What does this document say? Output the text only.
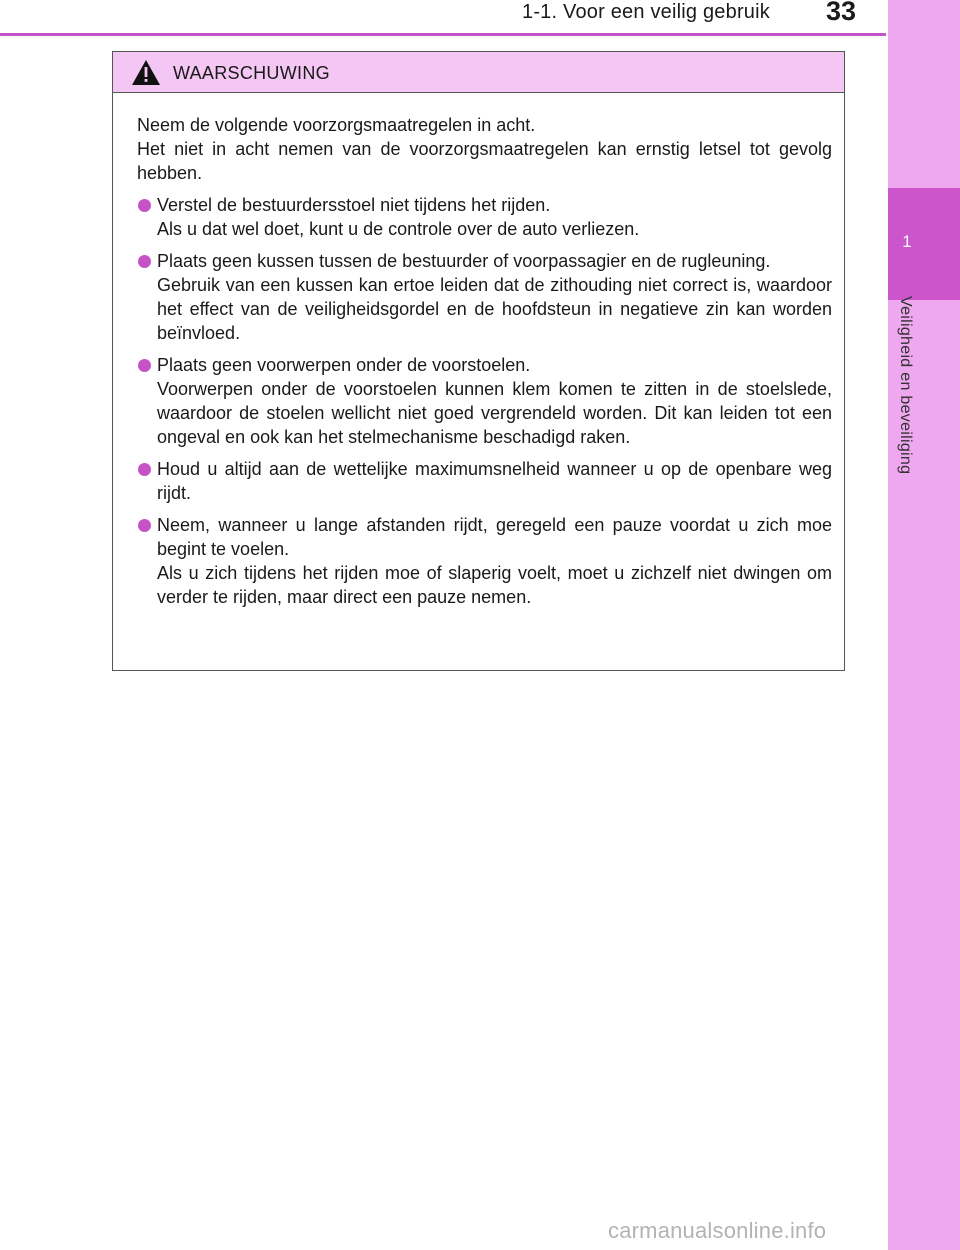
1-1. Voor een veilig gebruik 33
1
Veiligheid en beveiliging
WAARSCHUWING

Neem de volgende voorzorgsmaatregelen in acht.

Het niet in acht nemen van de voorzorgsmaatregelen kan ernstig letsel tot gevolg hebben.

Verstel de bestuurdersstoel niet tijdens het rijden.

Als u dat wel doet, kunt u de controle over de auto verliezen.

Plaats geen kussen tussen de bestuurder of voorpassagier en de rugleuning.

Gebruik van een kussen kan ertoe leiden dat de zithouding niet correct is, waardoor het effect van de veiligheidsgordel en de hoofdsteun in negatieve zin kan worden beïnvloed.

Plaats geen voorwerpen onder de voorstoelen.

Voorwerpen onder de voorstoelen kunnen klem komen te zitten in de stoelslede, waardoor de stoelen wellicht niet goed vergrendeld worden. Dit kan leiden tot een ongeval en ook kan het stelmechanisme beschadigd raken.

Houd u altijd aan de wettelijke maximumsnelheid wanneer u op de openbare weg rijdt.

Neem, wanneer u lange afstanden rijdt, geregeld een pauze voordat u zich moe begint te voelen.

Als u zich tijdens het rijden moe of slaperig voelt, moet u zichzelf niet dwingen om verder te rijden, maar direct een pauze nemen.

carmanualsonline.info
